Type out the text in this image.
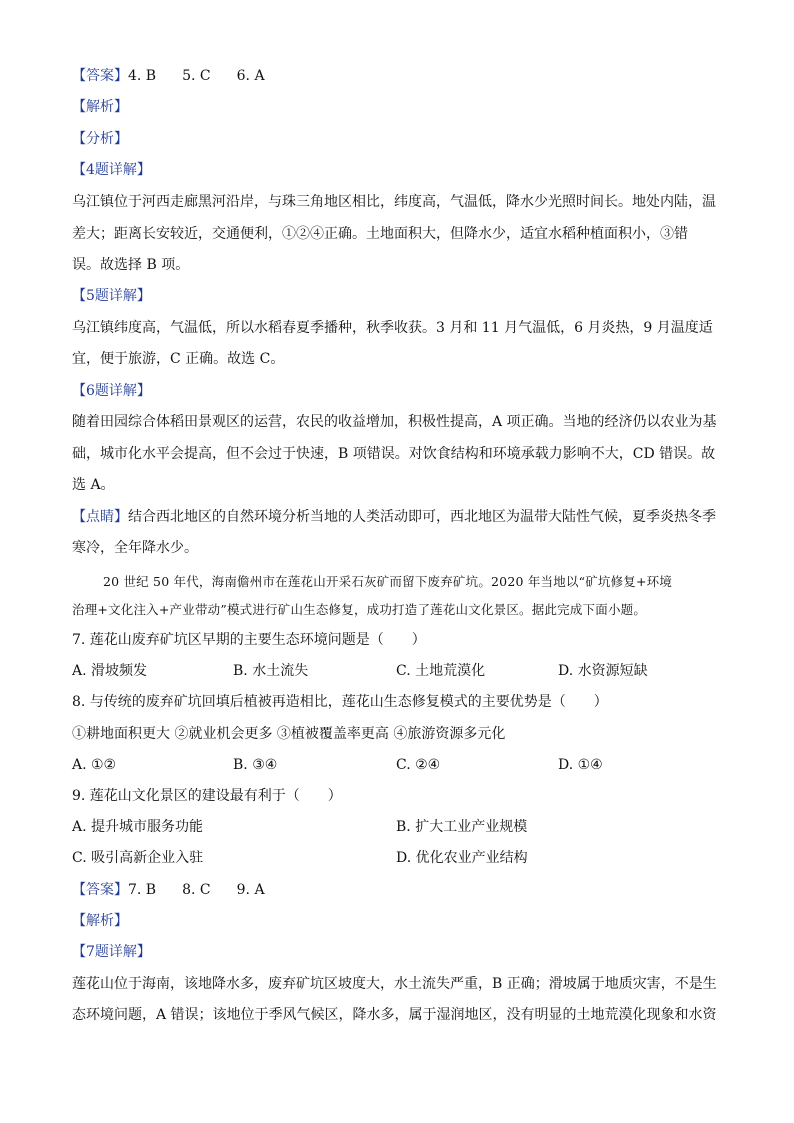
【答案】4. B 5. C 6. A
【解析】
【分析】
【4题详解】
乌江镇位于河西走廊黑河沿岸，与珠三角地区相比，纬度高，气温低，降水少光照时间长。地处内陆，温
差大；距离长安较近，交通便利，①②④正确。土地面积大，但降水少，适宜水稻种植面积小，③错
误。故选择 B 项。
【5题详解】
乌江镇纬度高，气温低，所以水稻春夏季播种，秋季收获。3 月和 11 月气温低，6 月炎热，9 月温度适
宜，便于旅游，C 正确。故选 C。
【6题详解】
随着田园综合体稻田景观区的运营，农民的收益增加，积极性提高，A 项正确。当地的经济仍以农业为基
础，城市化水平会提高，但不会过于快速，B 项错误。对饮食结构和环境承载力影响不大，CD 错误。故
选 A。
【点睛】结合西北地区的自然环境分析当地的人类活动即可，西北地区为温带大陆性气候，夏季炎热冬季
寒冷，全年降水少。
20 世纪 50 年代，海南儋州市在莲花山开采石灰矿而留下废弃矿坑。2020 年当地以“矿坑修复+环境
治理+文化注入+产业带动”模式进行矿山生态修复，成功打造了莲花山文化景区。据此完成下面小题。
7. 莲花山废弃矿坑区早期的主要生态环境问题是（　　）
A. 滑坡频发	B. 水土流失	C. 土地荒漠化	D. 水资源短缺
8. 与传统的废弃矿坑回填后植被再造相比，莲花山生态修复模式的主要优势是（　　）
①耕地面积更大 ②就业机会更多 ③植被覆盖率更高 ④旅游资源多元化
A. ①②	B. ③④	C. ②④	D. ①④
9. 莲花山文化景区的建设最有利于（　　）
A. 提升城市服务功能	B. 扩大工业产业规模
C. 吸引高新企业入驻	D. 优化农业产业结构
【答案】7. B 8. C 9. A
【解析】
【7题详解】
莲花山位于海南，该地降水多，废弃矿坑区坡度大，水土流失严重，B 正确；滑坡属于地质灾害，不是生
态环境问题，A 错误；该地位于季风气候区，降水多，属于湿润地区，没有明显的土地荒漠化现象和水资
